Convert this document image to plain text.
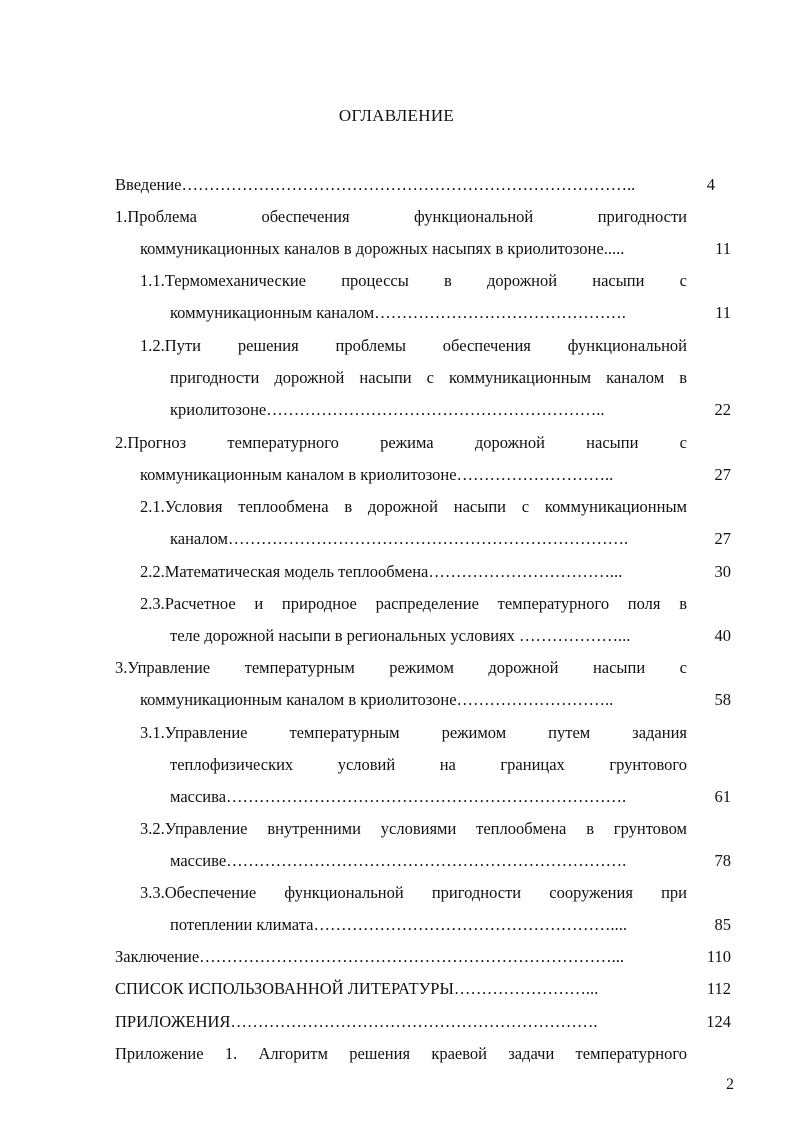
ОГЛАВЛЕНИЕ
Введение………………………………………………………………………..	4
1.Проблема обеспечения функциональной пригодности
коммуникационных каналов в дорожных насыпях в криолитозоне.....	11
1.1.Термомеханические процессы в дорожной насыпи с
коммуникационным каналом……………………………………….	11
1.2.Пути решения проблемы обеспечения функциональной
пригодности дорожной насыпи с коммуникационным каналом в
криолитозоне……………………………………………………..	22
2.Прогноз температурного режима дорожной насыпи с
коммуникационным каналом в криолитозоне………………………..	27
2.1.Условия теплообмена в дорожной насыпи с коммуникационным
каналом……………………………………………………………….	27
2.2.Математическая модель теплообмена……………………………...	30
2.3.Расчетное и природное распределение температурного поля в
теле дорожной насыпи в региональных условиях ………………...	40
3.Управление температурным режимом дорожной насыпи с
коммуникационным каналом в криолитозоне………………………..	58
3.1.Управление температурным режимом путем задания
теплофизических условий на границах грунтового
массива……………………………………………………………….	61
3.2.Управление внутренними условиями теплообмена в грунтовом
массиве……………………………………………………………….	78
3.3.Обеспечение функциональной пригодности сооружения при
потеплении климата………………………………………………....	85
Заключение…………………………………………………………………...	110
СПИСОК ИСПОЛЬЗОВАННОЙ ЛИТЕРАТУРЫ……………………...	112
ПРИЛОЖЕНИЯ………………………………………………………….	124
Приложение 1. Алгоритм решения краевой задачи температурного
2
